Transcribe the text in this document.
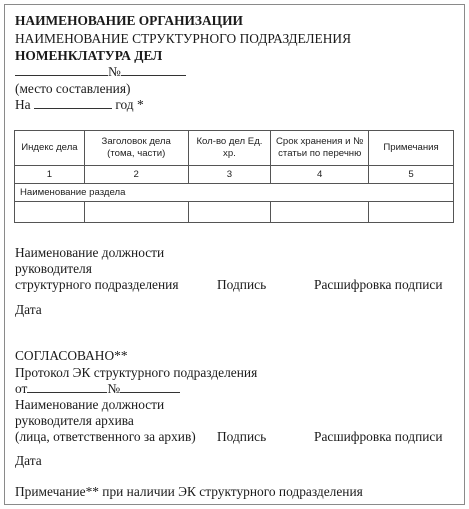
НАИМЕНОВАНИЕ ОРГАНИЗАЦИИ
НАИМЕНОВАНИЕ СТРУКТУРНОГО ПОДРАЗДЕЛЕНИЯ
НОМЕНКЛАТУРА ДЕЛ
№
(место составления)
На	год *
Индекс дела	Заголовок дела (тома, части)	Кол-во дел Ед. хр.	Срок хранения и № статьи по перечню	Примечания
1	2	3	4	5
Наименование раздела				

Наименование должности
руководителя
структурного подразделения	Подпись	Расшифровка подписи
Дата
СОГЛАСОВАНО**
Протокол ЭК структурного подразделения
от	№
Наименование должности
руководителя архива
(лица, ответственного за архив) Подпись	Расшифровка подписи
Дата
Примечание** при наличии ЭК структурного подразделения
